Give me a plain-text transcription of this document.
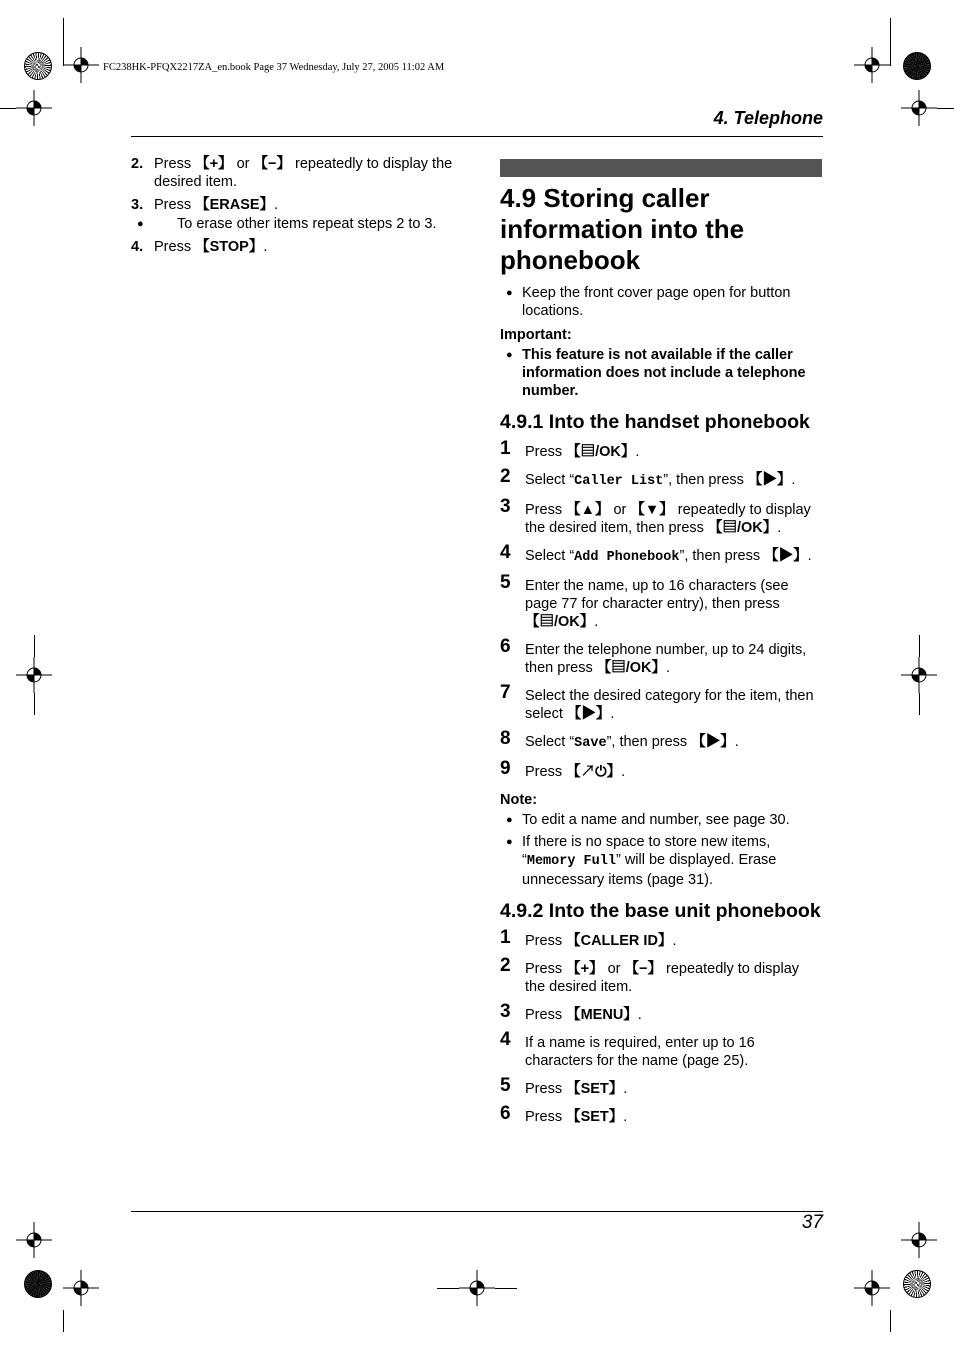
FC238HK-PFQX2217ZA_en.book Page 37 Wednesday, July 27, 2005 11:02 AM
4. Telephone
2. Press 【+】 or 【−】 repeatedly to display the desired item.
3. Press 【ERASE】.
● To erase other items repeat steps 2 to 3.
4. Press 【STOP】.
4.9 Storing caller information into the phonebook
● Keep the front cover page open for button locations.
Important:
● This feature is not available if the caller information does not include a telephone number.
4.9.1 Into the handset phonebook
1 Press 【▤/OK】.
2 Select “Caller List”, then press 【▶】.
3 Press 【▲】 or 【▼】 repeatedly to display the desired item, then press 【▤/OK】.
4 Select “Add Phonebook”, then press 【▶】.
5 Enter the name, up to 16 characters (see page 77 for character entry), then press 【▤/OK】.
6 Enter the telephone number, up to 24 digits, then press 【▤/OK】.
7 Select the desired category for the item, then select 【▶】.
8 Select “Save”, then press 【▶】.
9 Press 【↗⏻】.
Note:
● To edit a name and number, see page 30.
● If there is no space to store new items, “Memory Full” will be displayed. Erase unnecessary items (page 31).
4.9.2 Into the base unit phonebook
1 Press 【CALLER ID】.
2 Press 【+】 or 【−】 repeatedly to display the desired item.
3 Press 【MENU】.
4 If a name is required, enter up to 16 characters for the name (page 25).
5 Press 【SET】.
6 Press 【SET】.
37
